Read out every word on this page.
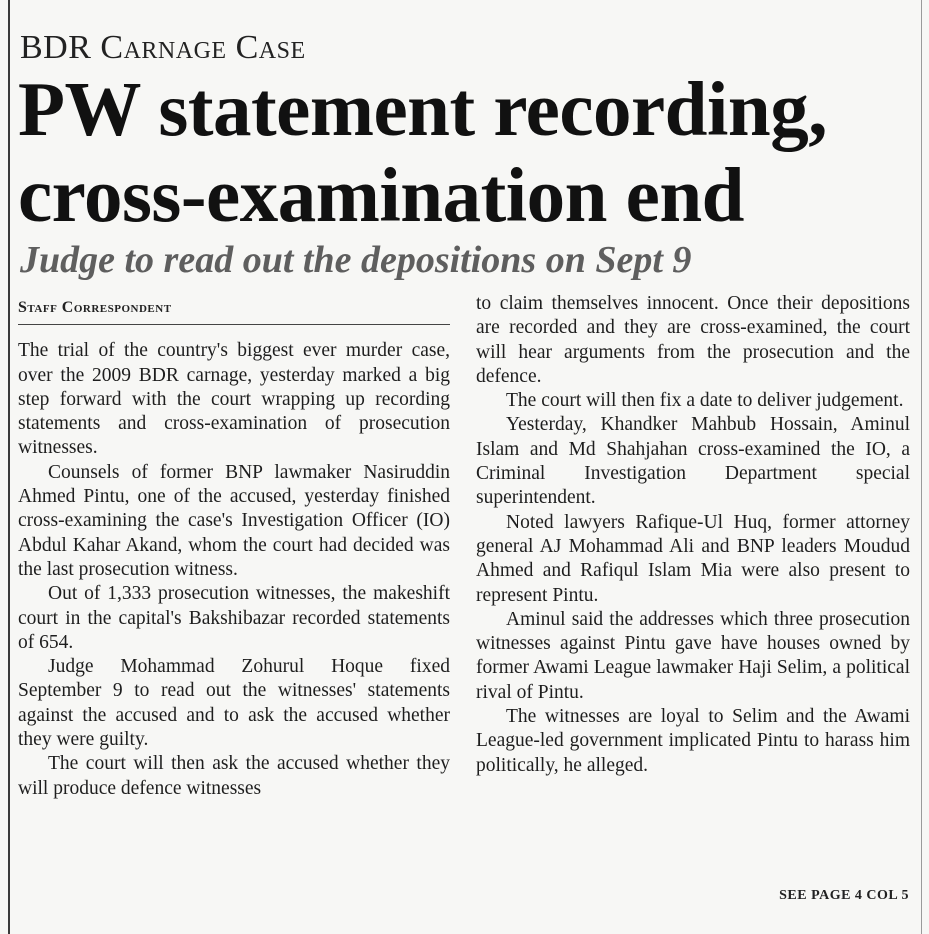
BDR Carnage Case
PW statement recording, cross-examination end
Judge to read out the depositions on Sept 9
Staff Correspondent

The trial of the country's biggest ever murder case, over the 2009 BDR carnage, yesterday marked a big step forward with the court wrapping up recording statements and cross-examination of prosecution witnesses.

Counsels of former BNP lawmaker Nasiruddin Ahmed Pintu, one of the accused, yesterday finished cross-examining the case's Investigation Officer (IO) Abdul Kahar Akand, whom the court had decided was the last prosecution witness.

Out of 1,333 prosecution witnesses, the makeshift court in the capital's Bakshibazar recorded statements of 654.

Judge Mohammad Zohurul Hoque fixed September 9 to read out the witnesses' statements against the accused and to ask the accused whether they were guilty.

The court will then ask the accused whether they will produce defence witnesses

to claim themselves innocent. Once their depositions are recorded and they are cross-examined, the court will hear arguments from the prosecution and the defence.

The court will then fix a date to deliver judgement.

Yesterday, Khandker Mahbub Hossain, Aminul Islam and Md Shahjahan cross-examined the IO, a Criminal Investigation Department special superintendent.

Noted lawyers Rafique-Ul Huq, former attorney general AJ Mohammad Ali and BNP leaders Moudud Ahmed and Rafiqul Islam Mia were also present to represent Pintu.

Aminul said the addresses which three prosecution witnesses against Pintu gave have houses owned by former Awami League lawmaker Haji Selim, a political rival of Pintu.

The witnesses are loyal to Selim and the Awami League-led government implicated Pintu to harass him politically, he alleged.

SEE PAGE 4 COL 5
